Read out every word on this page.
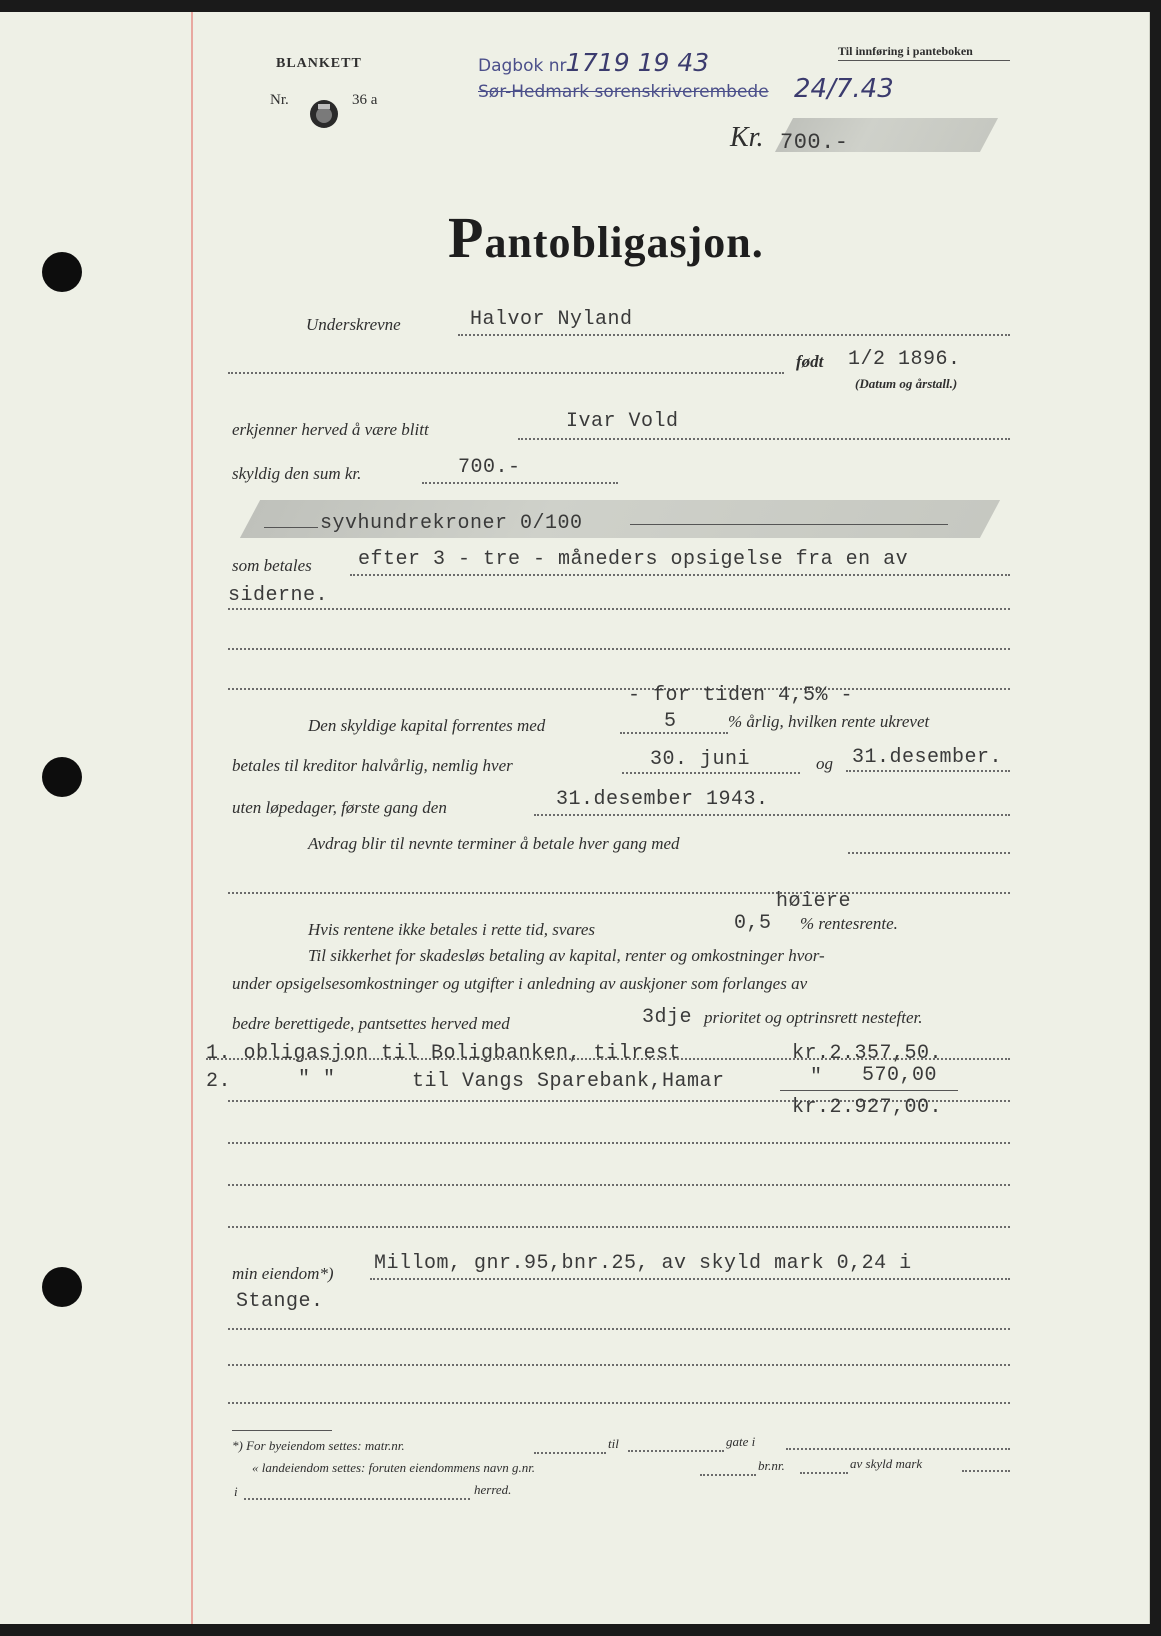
BLANKETT
Nr.	36 a
Dagbok nr.
1719 19 43
Sør-Hedmark sorenskriverembede 24/7.43
Til innføring i panteboken
Kr. 700.-
Pantobligasjon.
Underskrevne	Halvor Nyland
født 1/2 1896.
(Datum og årstall.)
erkjenner herved å være blitt	Ivar Vold
skyldig den sum kr.	700.-
syvhundrekroner 0/100
som betales efter 3 - tre - måneders opsigelse fra en av
siderne.
- for tiden 4,5% -
Den skyldige kapital forrentes med	5	% årlig, hvilken rente ukrevet
betales til kreditor halvårlig, nemlig hver	30. juni	og 31.desember.
uten løpedager, første gang den	31.desember 1943.
Avdrag blir til nevnte terminer å betale hver gang med
høiere
Hvis rentene ikke betales i rette tid, svares	0,5 % rentesrente.
Til sikkerhet for skadesløs betaling av kapital, renter og omkostninger hvor-
under opsigelsesomkostninger og utgifter i anledning av auskjoner som forlanges av
bedre berettigede, pantsettes herved med	3dje prioritet og optrinsrett nestefter.
1. obligasjon til Boligbanken, tilrest	kr.2.357,50.
2.	" "	til Vangs Sparebank,Hamar	" 570,00
kr.2.927,00.
min eiendom*) Millom, gnr.95,bnr.25, av skyld mark 0,24 i
Stange.
*) For byeiendom settes: matr.nr.	til	gate i
« landeiendom settes: foruten eiendommens navn g.nr.	br.nr.	av skyld mark
i	herred.
